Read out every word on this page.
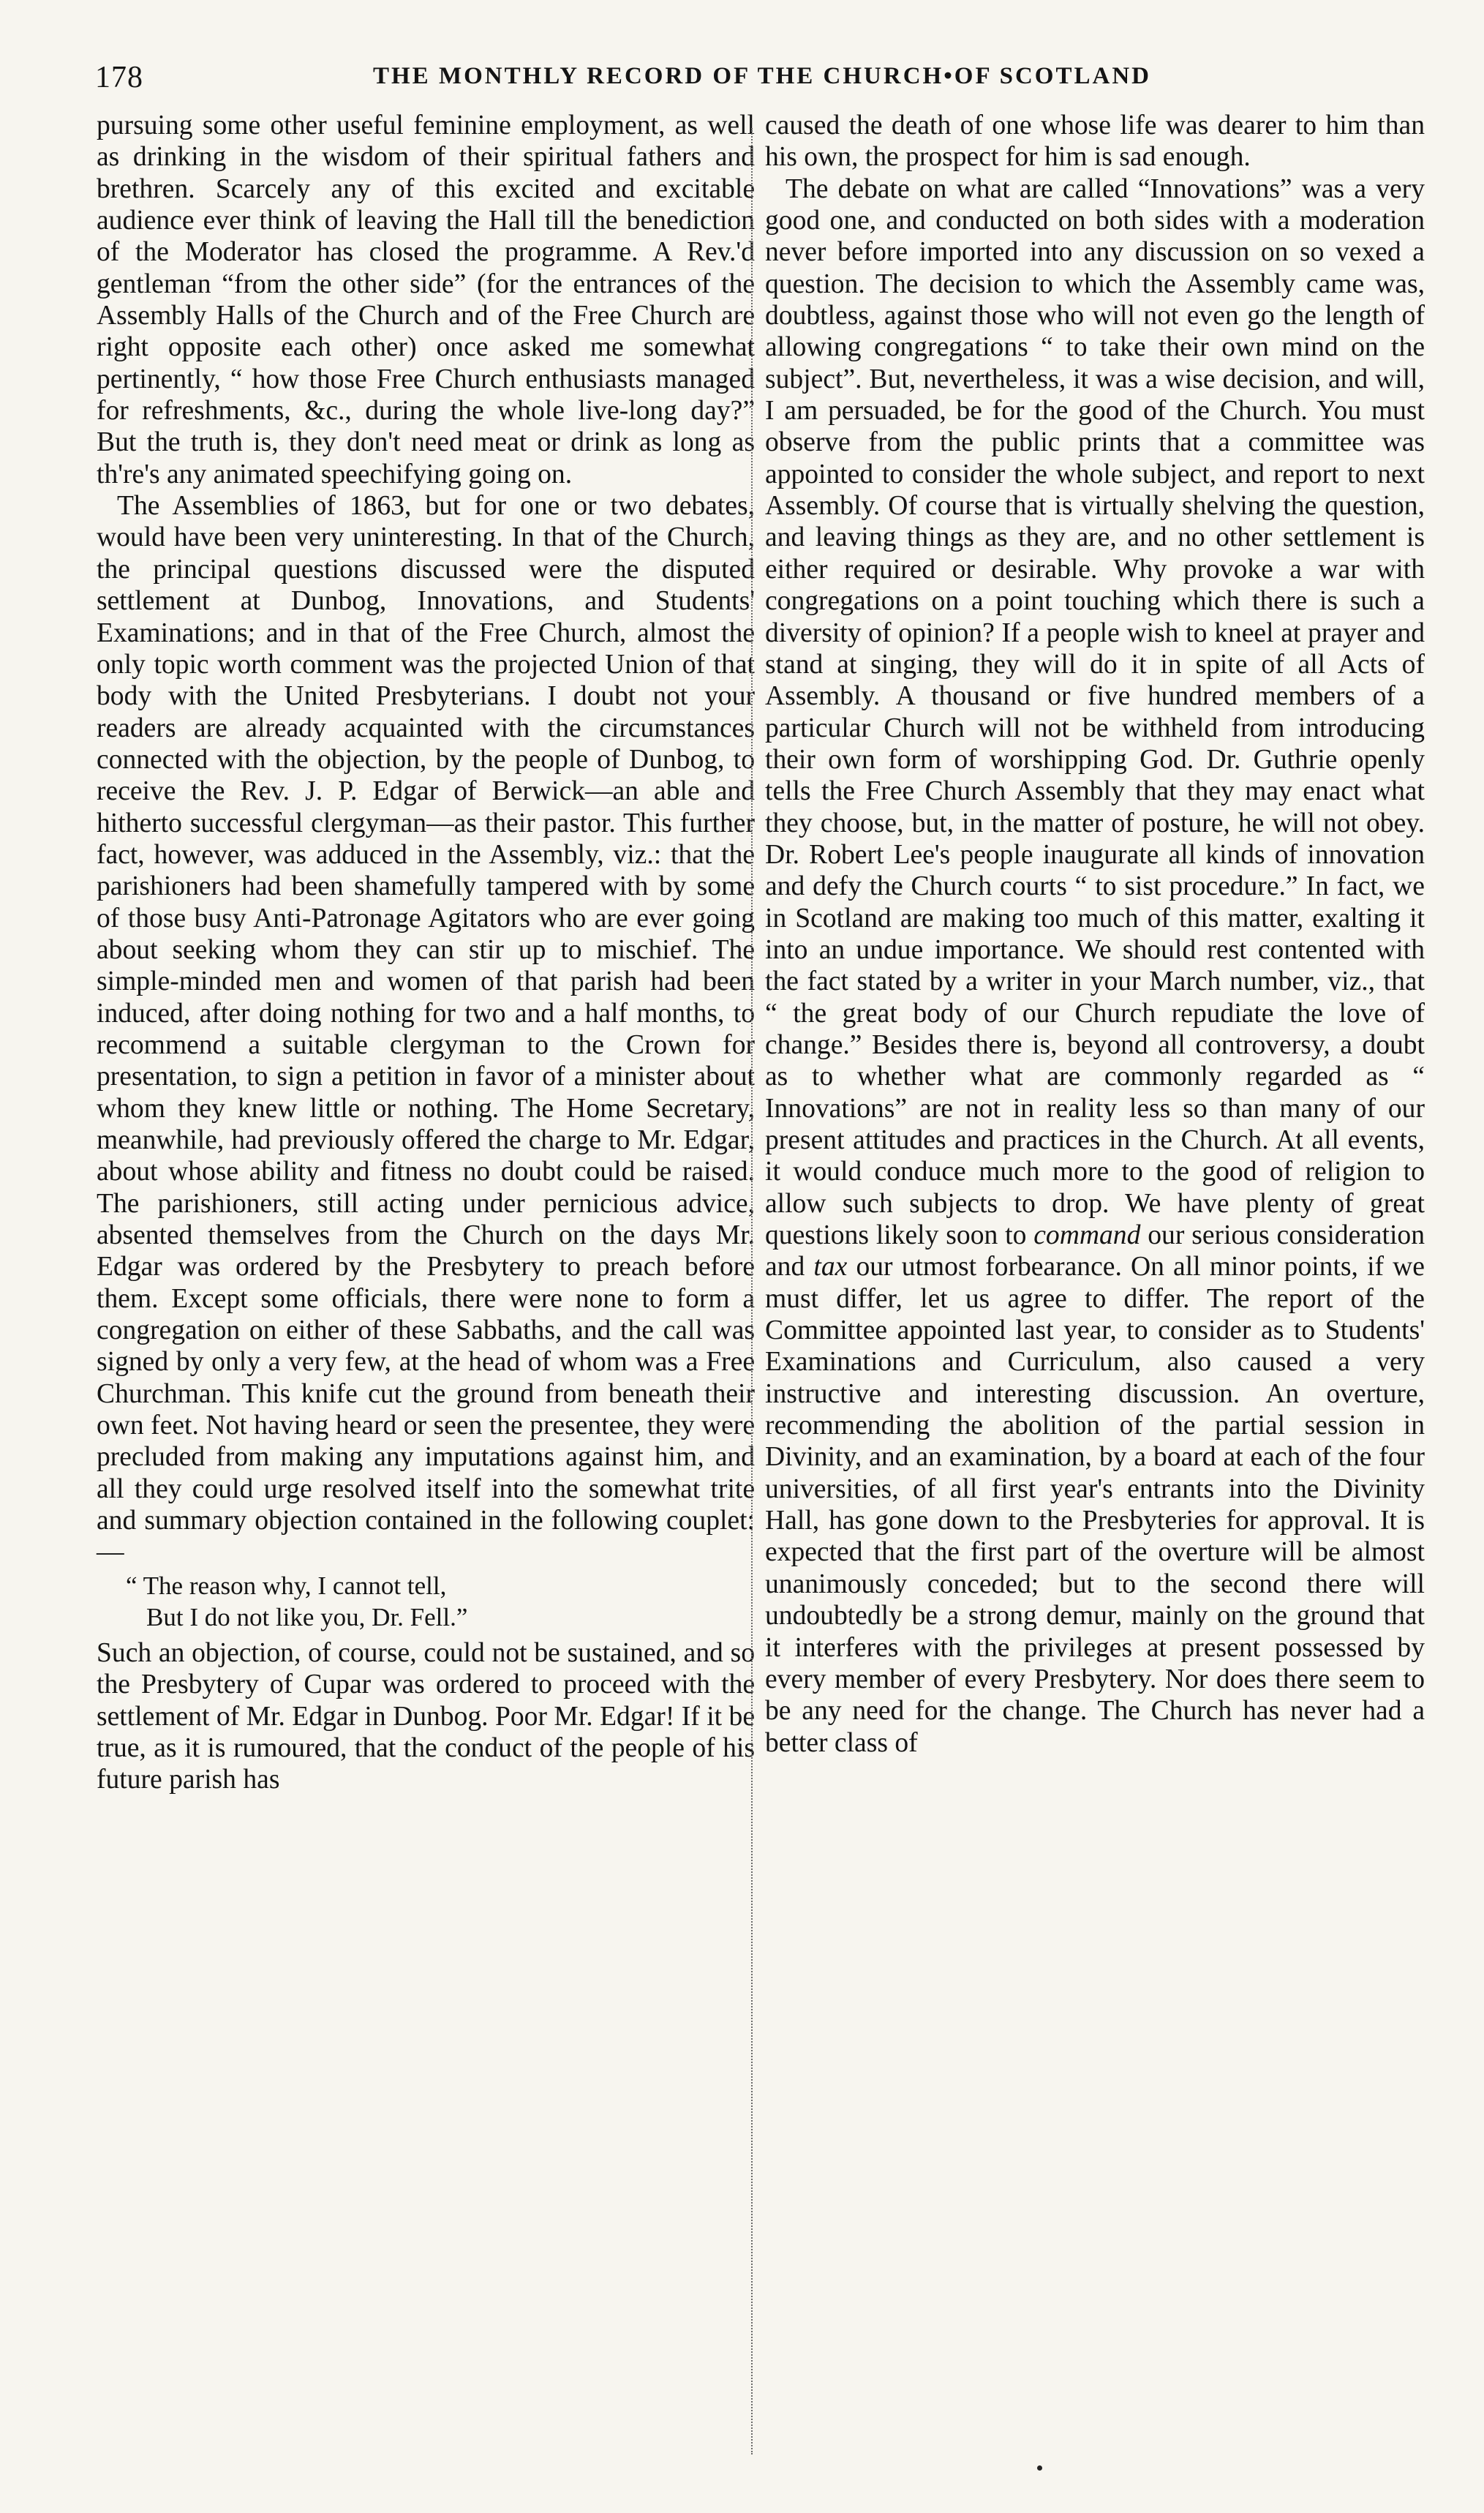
178	THE MONTHLY RECORD OF THE CHURCH•OF SCOTLAND

pursuing some other useful feminine employment, as well as drinking in the wisdom of their spiritual fathers and brethren. Scarcely any of this excited and excitable audience ever think of leaving the Hall till the benediction of the Moderator has closed the programme. A Rev.'d gentleman “from the other side” (for the entrances of the Assembly Halls of the Church and of the Free Church are right opposite each other) once asked me somewhat pertinently, “ how those Free Church enthusiasts managed for refreshments, &c., during the whole live-long day?” But the truth is, they don't need meat or drink as long as th're's any animated speechifying going on.

The Assemblies of 1863, but for one or two debates, would have been very uninteresting. In that of the Church, the principal questions discussed were the disputed settlement at Dunbog, Innovations, and Students' Examinations; and in that of the Free Church, almost the only topic worth comment was the projected Union of that body with the United Presbyterians. I doubt not your readers are already acquainted with the circumstances connected with the objection, by the people of Dunbog, to receive the Rev. J. P. Edgar of Berwick—an able and hitherto successful clergyman—as their pastor. This further fact, however, was adduced in the Assembly, viz.: that the parishioners had been shamefully tampered with by some of those busy Anti-Patronage Agitators who are ever going about seeking whom they can stir up to mischief. The simple-minded men and women of that parish had been induced, after doing nothing for two and a half months, to recommend a suitable clergyman to the Crown for presentation, to sign a petition in favor of a minister about whom they knew little or nothing. The Home Secretary, meanwhile, had previously offered the charge to Mr. Edgar, about whose ability and fitness no doubt could be raised. The parishioners, still acting under pernicious advice, absented themselves from the Church on the days Mr. Edgar was ordered by the Presbytery to preach before them. Except some officials, there were none to form a congregation on either of these Sabbaths, and the call was signed by only a very few, at the head of whom was a Free Churchman. This knife cut the ground from beneath their own feet. Not having heard or seen the presentee, they were precluded from making any imputations against him, and all they could urge resolved itself into the somewhat trite and summary objection contained in the following couplet:—

“ The reason why, I cannot tell,
But I do not like you, Dr. Fell.”

Such an objection, of course, could not be sustained, and so the Presbytery of Cupar was ordered to proceed with the settlement of Mr. Edgar in Dunbog. Poor Mr. Edgar! If it be true, as it is rumoured, that the conduct of the people of his future parish has

caused the death of one whose life was dearer to him than his own, the prospect for him is sad enough.

The debate on what are called “Innovations” was a very good one, and conducted on both sides with a moderation never before imported into any discussion on so vexed a question. The decision to which the Assembly came was, doubtless, against those who will not even go the length of allowing congregations “ to take their own mind on the subject”. But, nevertheless, it was a wise decision, and will, I am persuaded, be for the good of the Church. You must observe from the public prints that a committee was appointed to consider the whole subject, and report to next Assembly. Of course that is virtually shelving the question, and leaving things as they are, and no other settlement is either required or desirable. Why provoke a war with congregations on a point touching which there is such a diversity of opinion? If a people wish to kneel at prayer and stand at singing, they will do it in spite of all Acts of Assembly. A thousand or five hundred members of a particular Church will not be withheld from introducing their own form of worshipping God. Dr. Guthrie openly tells the Free Church Assembly that they may enact what they choose, but, in the matter of posture, he will not obey. Dr. Robert Lee's people inaugurate all kinds of innovation and defy the Church courts “ to sist procedure.” In fact, we in Scotland are making too much of this matter, exalting it into an undue importance. We should rest contented with the fact stated by a writer in your March number, viz., that “ the great body of our Church repudiate the love of change.” Besides there is, beyond all controversy, a doubt as to whether what are commonly regarded as “ Innovations” are not in reality less so than many of our present attitudes and practices in the Church. At all events, it would conduce much more to the good of religion to allow such subjects to drop. We have plenty of great questions likely soon to command our serious consideration and tax our utmost forbearance. On all minor points, if we must differ, let us agree to differ. The report of the Committee appointed last year, to consider as to Students' Examinations and Curriculum, also caused a very instructive and interesting discussion. An overture, recommending the abolition of the partial session in Divinity, and an examination, by a board at each of the four universities, of all first year's entrants into the Divinity Hall, has gone down to the Presbyteries for approval. It is expected that the first part of the overture will be almost unanimously conceded; but to the second there will undoubtedly be a strong demur, mainly on the ground that it interferes with the privileges at present possessed by every member of every Presbytery. Nor does there seem to be any need for the change. The Church has never had a better class of
